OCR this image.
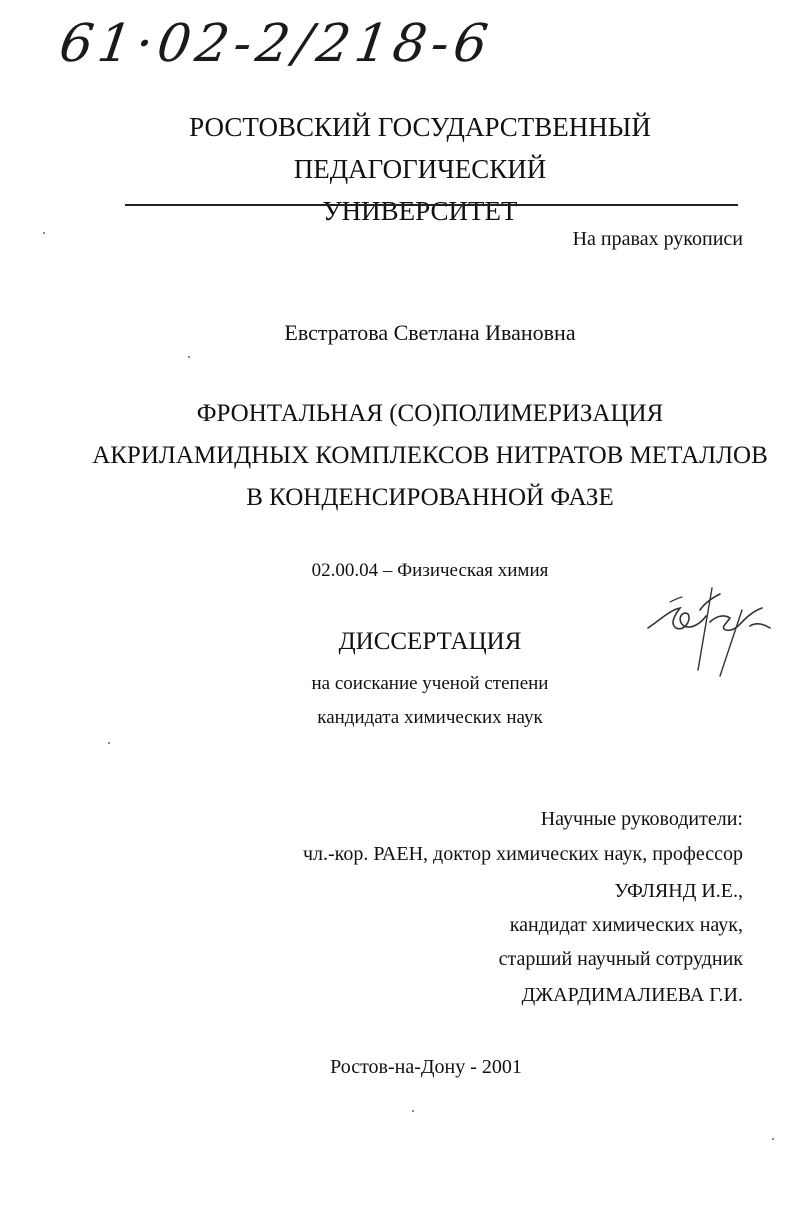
61·02-2/218-6
РОСТОВСКИЙ ГОСУДАРСТВЕННЫЙ ПЕДАГОГИЧЕСКИЙ
УНИВЕРСИТЕТ
На правах рукописи
Евстратова Светлана Ивановна
ФРОНТАЛЬНАЯ (СО)ПОЛИМЕРИЗАЦИЯ
АКРИЛАМИДНЫХ КОМПЛЕКСОВ НИТРАТОВ МЕТАЛЛОВ
В КОНДЕНСИРОВАННОЙ ФАЗЕ
02.00.04 – Физическая химия
ДИССЕРТАЦИЯ
на соискание ученой степени
кандидата химических наук
Научные руководители:
чл.-кор. РАЕН, доктор химических наук, профессор
УФЛЯНД И.Е.,
кандидат химических наук,
старший научный сотрудник
ДЖАРДИМАЛИЕВА Г.И.
Ростов-на-Дону - 2001
